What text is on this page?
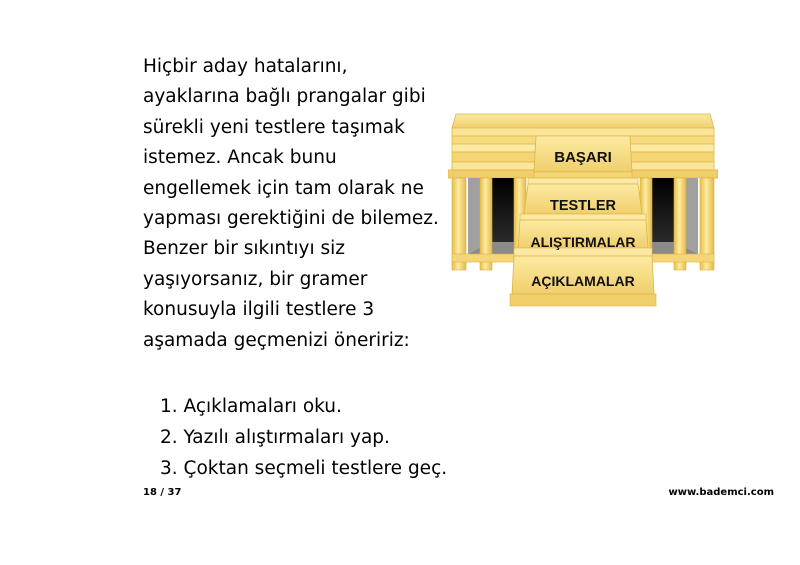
Hiçbir aday hatalarını,
ayaklarına bağlı prangalar gibi
sürekli yeni testlere taşımak
istemez. Ancak bunu
engellemek için tam olarak ne
yapması gerektiğini de bilemez.
Benzer bir sıkıntıyı siz
yaşıyorsanız, bir gramer
konusuyla ilgili testlere 3
aşamada geçmenizi öneririz:
1. Açıklamaları oku.
2. Yazılı alıştırmaları yap.
3. Çoktan seçmeli testlere geç.
BAŞARI
TESTLER
ALIŞTIRMALAR
AÇIKLAMALAR
18 / 37	www.bademci.com
